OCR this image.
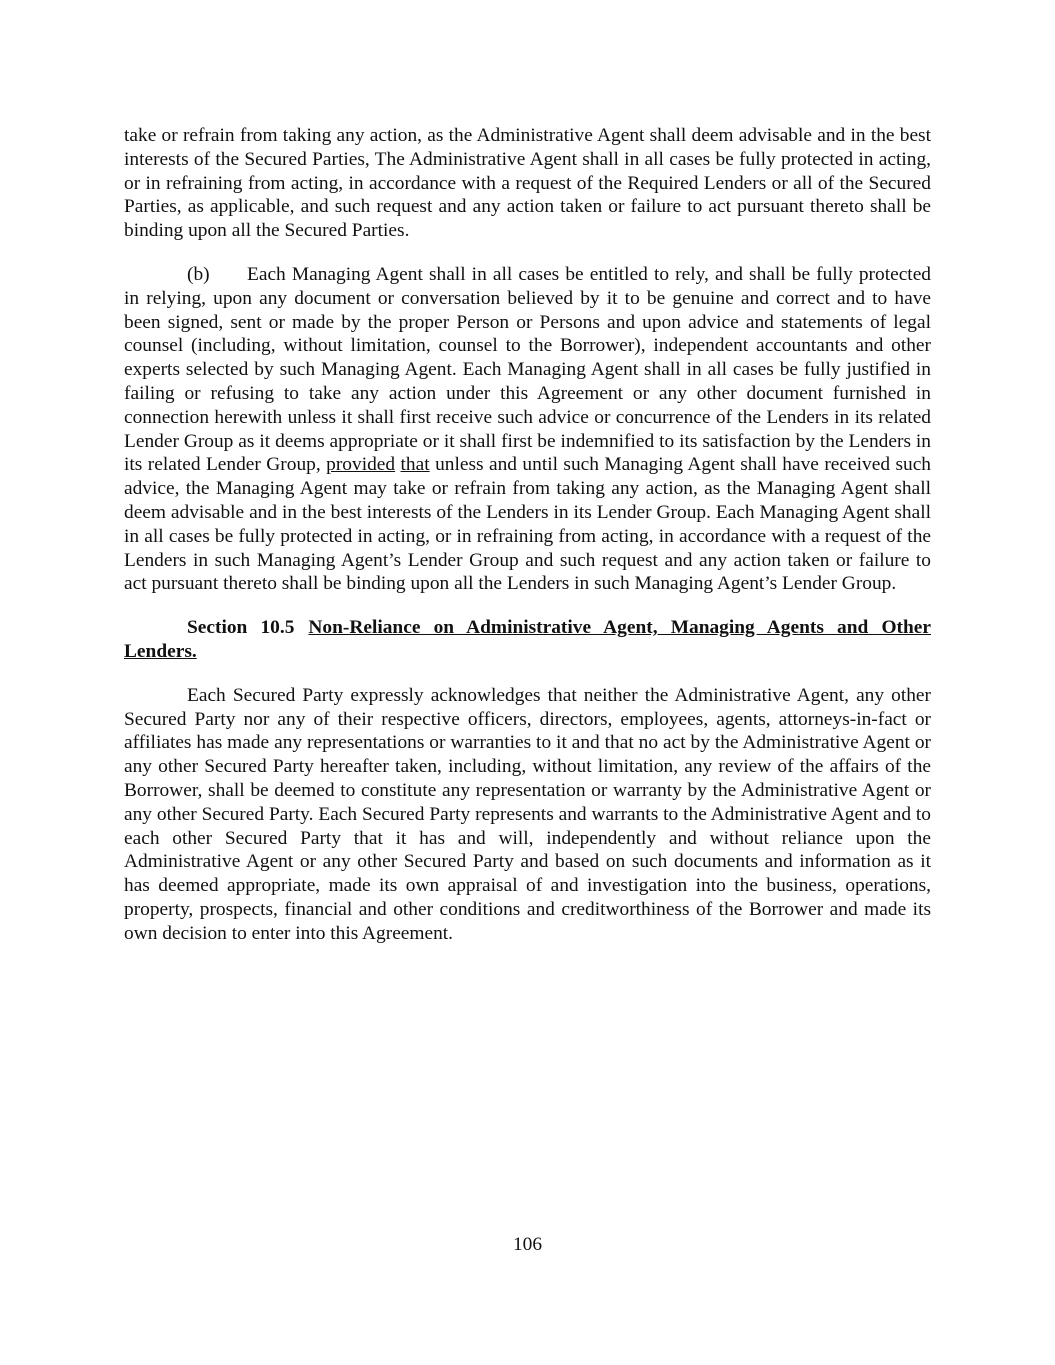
take or refrain from taking any action, as the Administrative Agent shall deem advisable and in the best interests of the Secured Parties, The Administrative Agent shall in all cases be fully protected in acting, or in refraining from acting, in accordance with a request of the Required Lenders or all of the Secured Parties, as applicable, and such request and any action taken or failure to act pursuant thereto shall be binding upon all the Secured Parties.

(b) Each Managing Agent shall in all cases be entitled to rely, and shall be fully protected in relying, upon any document or conversation believed by it to be genuine and correct and to have been signed, sent or made by the proper Person or Persons and upon advice and statements of legal counsel (including, without limitation, counsel to the Borrower), independent accountants and other experts selected by such Managing Agent. Each Managing Agent shall in all cases be fully justified in failing or refusing to take any action under this Agreement or any other document furnished in connection herewith unless it shall first receive such advice or concurrence of the Lenders in its related Lender Group as it deems appropriate or it shall first be indemnified to its satisfaction by the Lenders in its related Lender Group, provided that unless and until such Managing Agent shall have received such advice, the Managing Agent may take or refrain from taking any action, as the Managing Agent shall deem advisable and in the best interests of the Lenders in its Lender Group. Each Managing Agent shall in all cases be fully protected in acting, or in refraining from acting, in accordance with a request of the Lenders in such Managing Agent’s Lender Group and such request and any action taken or failure to act pursuant thereto shall be binding upon all the Lenders in such Managing Agent’s Lender Group.

Section 10.5 Non-Reliance on Administrative Agent, Managing Agents and Other Lenders.

Each Secured Party expressly acknowledges that neither the Administrative Agent, any other Secured Party nor any of their respective officers, directors, employees, agents, attorneys-in-fact or affiliates has made any representations or warranties to it and that no act by the Administrative Agent or any other Secured Party hereafter taken, including, without limitation, any review of the affairs of the Borrower, shall be deemed to constitute any representation or warranty by the Administrative Agent or any other Secured Party. Each Secured Party represents and warrants to the Administrative Agent and to each other Secured Party that it has and will, independently and without reliance upon the Administrative Agent or any other Secured Party and based on such documents and information as it has deemed appropriate, made its own appraisal of and investigation into the business, operations, property, prospects, financial and other conditions and creditworthiness of the Borrower and made its own decision to enter into this Agreement.

106
